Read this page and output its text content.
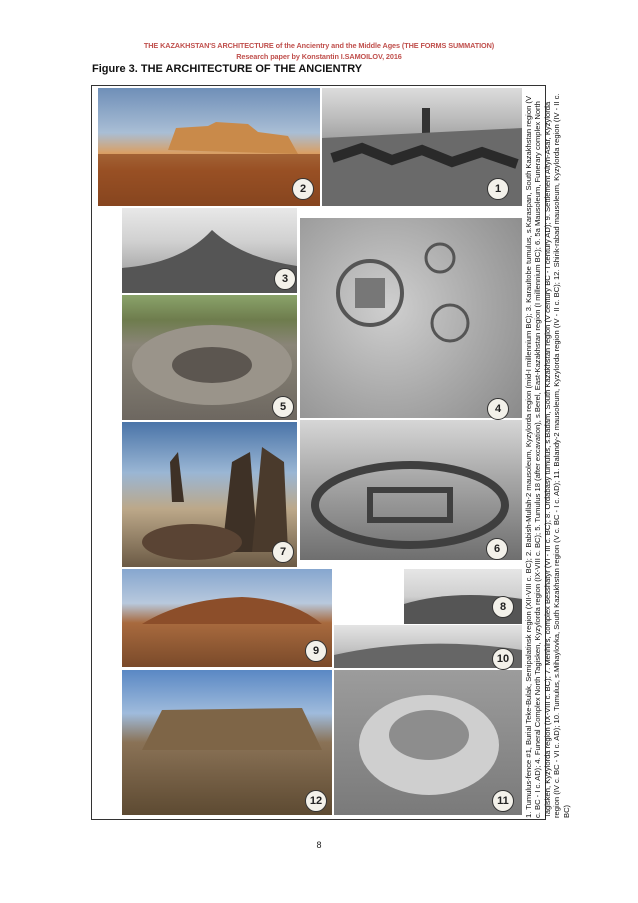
THE KAZAKHSTAN'S ARCHITECTURE of the Ancientry and the Middle Ages (THE FORMS SUMMATION)
Research paper by Konstantin I.SAMOILOV, 2016
Figure 3. THE ARCHITECTURE OF THE ANCIENTRY
2	1
3
4
5
7	6
9
8
10
12	11	1. Tumulus-fence #1, Burial Teke-Bulak, Semipalatinsk region (XII-VIII c. BC); 2. Babish-Mullah-2 mausoleum, Kyzylorda region (mid-I millennium BC); 3. Karaultobe tumulus, s.Karaspan, South Kazakhstan region (V c. BC - I c. AD); 4. Funeral Complex North Tagisken, Kyzylorda region (IX-VIII c. BC); 5. Tumulus 18 (after excavation), s.Berel, East-Kazakhstan region (I millennium BC); 6. 5a Mausoleum, Funerary complex North Tagisken, Kyzylorda region (IX-VIII c. BC); 7. Menhirs, complex Besshatyr (VI - III c. BC); 8. Ordabasy tumulus, s.Badam, South Kazakhstan region (V century BC - I century AD); 9. Settlement Altyn-Asar, Kyzylorda region (IV c. BC - VI c. AD); 10. Tumulus, s.Mihaylovka, South Kazakhstan region (V c. BC - I c. AD); 11. Balandy-2 mausoleum, Kyzylorda region (IV - II c. BC); 12. Shirik-rabad mausoleum, Kyzylorda region (IV - II c. BC)
8
